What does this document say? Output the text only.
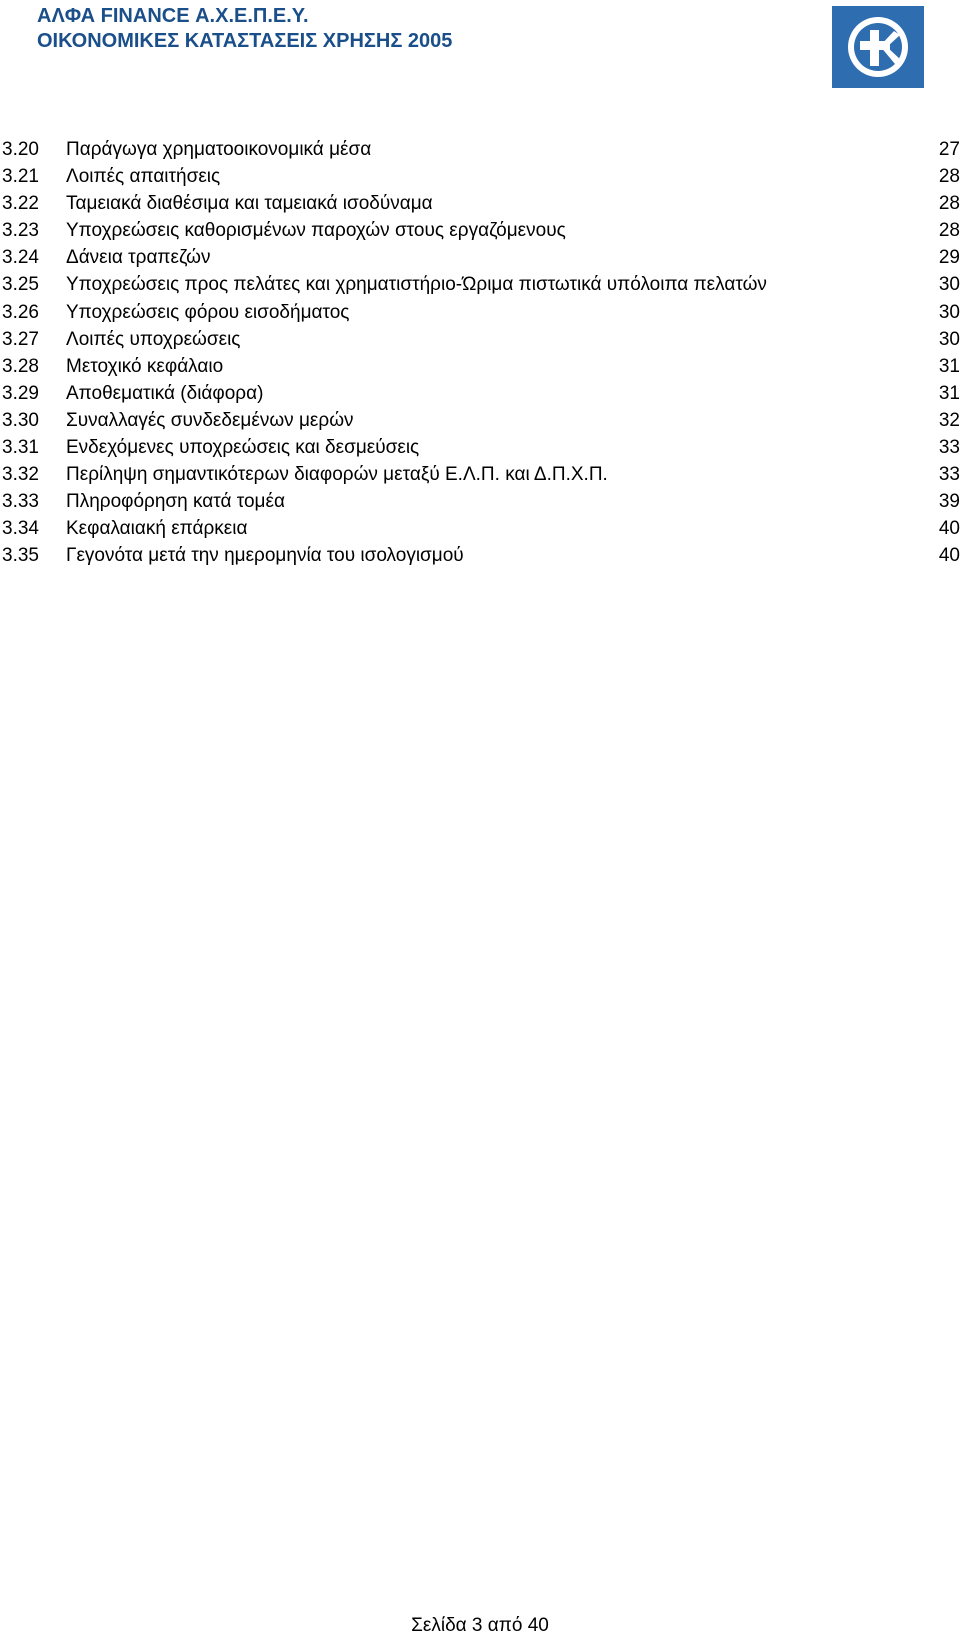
ΑΛΦΑ FINANCE Α.Χ.Ε.Π.Ε.Υ.
ΟΙΚΟΝΟΜΙΚΕΣ ΚΑΤΑΣΤΑΣΕΙΣ ΧΡΗΣΗΣ 2005
3.20 Παράγωγα χρηματοοικονομικά μέσα	27
3.21 Λοιπές απαιτήσεις	28
3.22 Ταμειακά διαθέσιμα και ταμειακά ισοδύναμα	28
3.23 Υποχρεώσεις καθορισμένων παροχών στους εργαζόμενους	28
3.24 Δάνεια τραπεζών	29
3.25 Υποχρεώσεις προς πελάτες και χρηματιστήριο-Ώριμα πιστωτικά υπόλοιπα πελατών	30
3.26 Υποχρεώσεις φόρου εισοδήματος	30
3.27 Λοιπές υποχρεώσεις	30
3.28 Μετοχικό κεφάλαιο	31
3.29 Αποθεματικά (διάφορα)	31
3.30 Συναλλαγές συνδεδεμένων μερών	32
3.31 Ενδεχόμενες υποχρεώσεις και δεσμεύσεις	33
3.32 Περίληψη σημαντικότερων διαφορών μεταξύ Ε.Λ.Π. και Δ.Π.Χ.Π.	33
3.33 Πληροφόρηση κατά τομέα	39
3.34 Κεφαλαιακή επάρκεια	40
3.35 Γεγονότα μετά την ημερομηνία του ισολογισμού	40
Σελίδα 3 από 40
